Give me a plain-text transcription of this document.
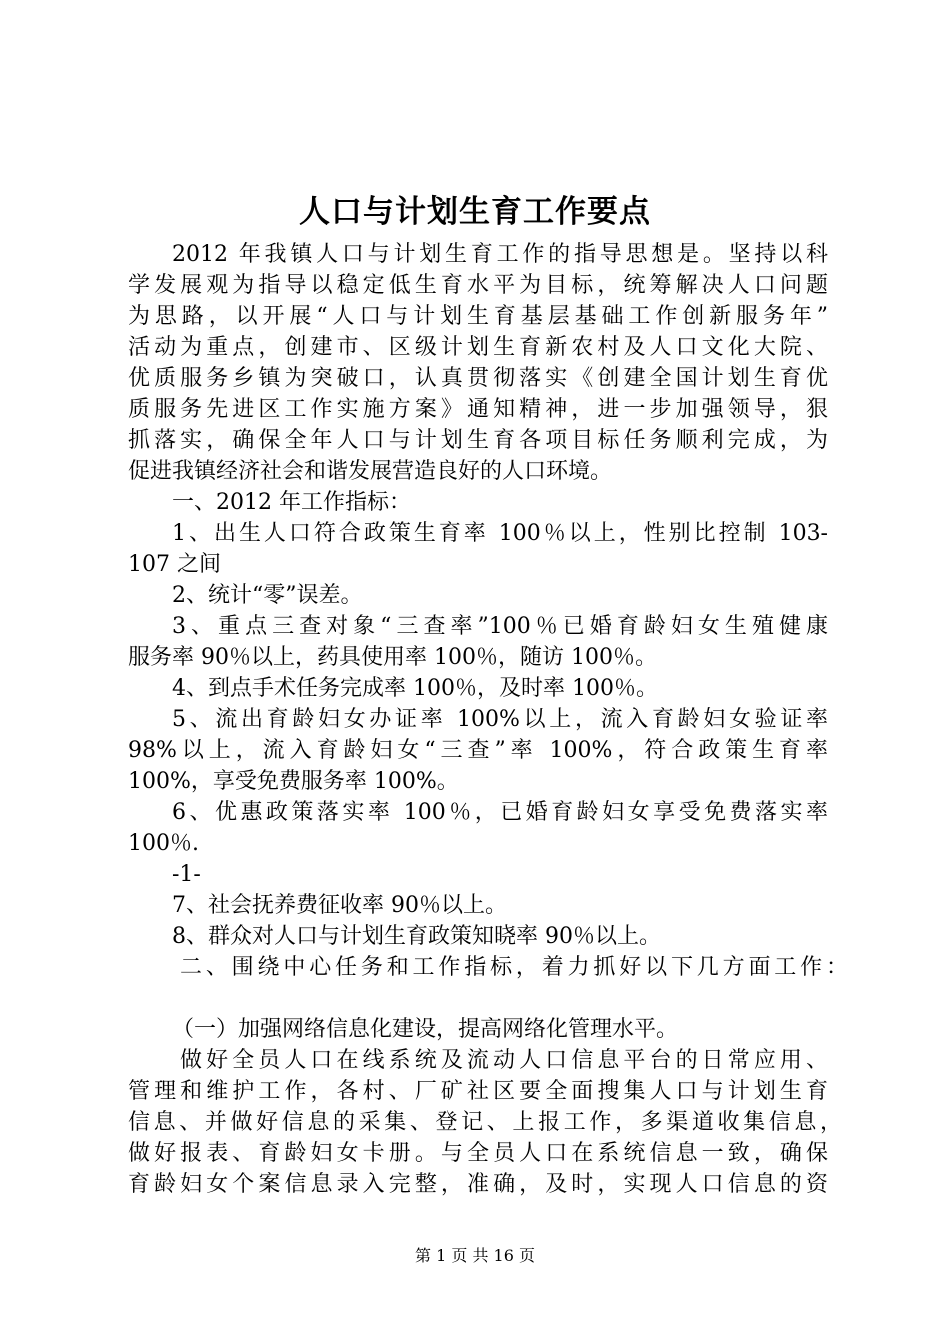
人口与计划生育工作要点
2012 年我镇人口与计划生育工作的指导思想是。坚持以科
学发展观为指导以稳定低生育水平为目标，统筹解决人口问题
为思路，以开展“人口与计划生育基层基础工作创新服务年”
活动为重点，创建市、区级计划生育新农村及人口文化大院、
优质服务乡镇为突破口，认真贯彻落实《创建全国计划生育优
质服务先进区工作实施方案》通知精神，进一步加强领导，狠
抓落实，确保全年人口与计划生育各项目标任务顺利完成，为
促进我镇经济社会和谐发展营造良好的人口环境。
一、2012 年工作指标：
1、出生人口符合政策生育率 100％以上，性别比控制 103-
107 之间
2、统计“零”误差。
3、重点三查对象“三查率”100％已婚育龄妇女生殖健康
服务率 90％以上，药具使用率 100％，随访 100％。
4、到点手术任务完成率 100％，及时率 100％。
5、流出育龄妇女办证率 100%以上，流入育龄妇女验证率
98%以上，流入育龄妇女“三查”率 100%，符合政策生育率
100%，享受免费服务率 100%。
6、优惠政策落实率 100％，已婚育龄妇女享受免费落实率
100％.
-1-
7、社会抚养费征收率 90％以上。
8、群众对人口与计划生育政策知晓率 90％以上。
二、围绕中心任务和工作指标，着力抓好以下几方面工作：
（一）加强网络信息化建设，提高网络化管理水平。
做好全员人口在线系统及流动人口信息平台的日常应用、
管理和维护工作，各村、厂矿社区要全面搜集人口与计划生育
信息、并做好信息的采集、登记、上报工作，多渠道收集信息，
做好报表、育龄妇女卡册。与全员人口在系统信息一致，确保
育龄妇女个案信息录入完整，准确，及时，实现人口信息的资
第 1 页 共 16 页
